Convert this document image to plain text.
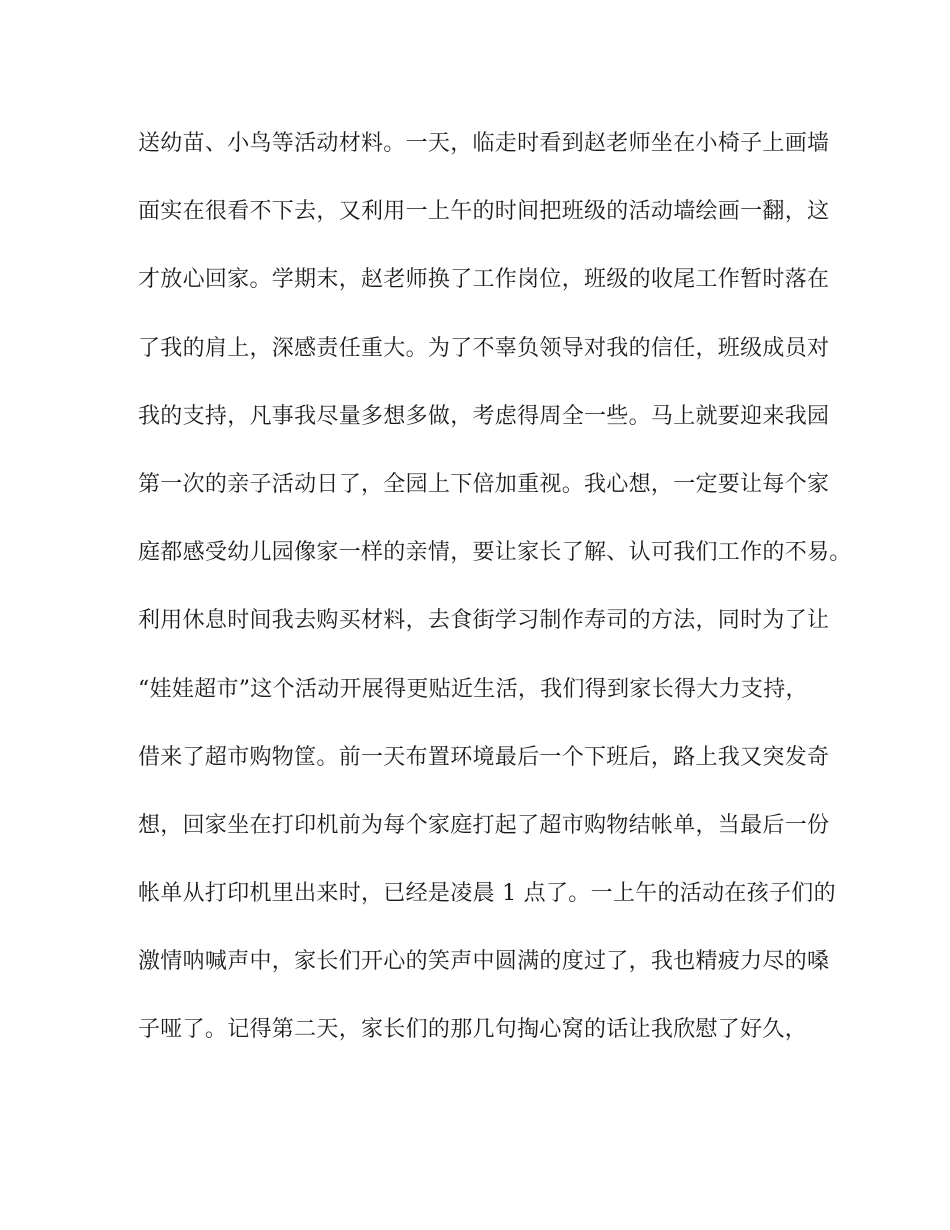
送幼苗、小鸟等活动材料。一天，临走时看到赵老师坐在小椅子上画墙
面实在很看不下去，又利用一上午的时间把班级的活动墙绘画一翻，这
才放心回家。学期末，赵老师换了工作岗位，班级的收尾工作暂时落在
了我的肩上，深感责任重大。为了不辜负领导对我的信任，班级成员对
我的支持，凡事我尽量多想多做，考虑得周全一些。马上就要迎来我园
第一次的亲子活动日了，全园上下倍加重视。我心想，一定要让每个家
庭都感受幼儿园像家一样的亲情，要让家长了解、认可我们工作的不易。
利用休息时间我去购买材料，去食街学习制作寿司的方法，同时为了让
“娃娃超市”这个活动开展得更贴近生活，我们得到家长得大力支持，
借来了超市购物筐。前一天布置环境最后一个下班后，路上我又突发奇
想，回家坐在打印机前为每个家庭打起了超市购物结帐单，当最后一份
帐单从打印机里出来时，已经是凌晨 1 点了。一上午的活动在孩子们的
激情呐喊声中，家长们开心的笑声中圆满的度过了，我也精疲力尽的嗓
子哑了。记得第二天，家长们的那几句掏心窝的话让我欣慰了好久，
